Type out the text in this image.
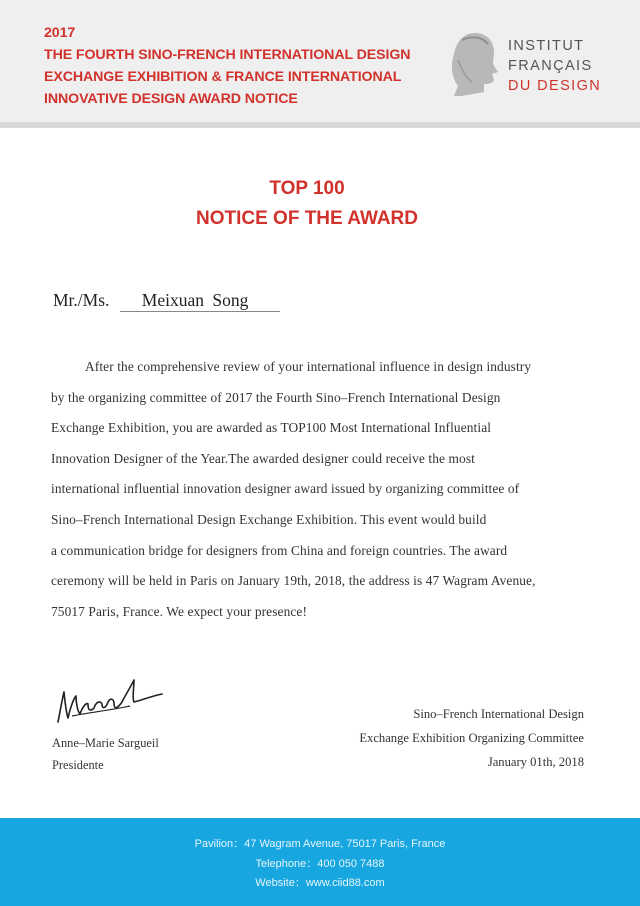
2017
THE FOURTH SINO-FRENCH INTERNATIONAL DESIGN
EXCHANGE EXHIBITION & FRANCE INTERNATIONAL
INNOVATIVE DESIGN AWARD NOTICE
INSTITUT
FRANÇAIS
DU DESIGN
TOP 100
NOTICE OF THE AWARD
Mr./Ms. Meixuan Song
After the comprehensive review of your international influence in design industry
by the organizing committee of 2017 the Fourth Sino–French International Design
Exchange Exhibition, you are awarded as TOP100 Most International Influential
Innovation Designer of the Year.The awarded designer could receive the most
international influential innovation designer award issued by organizing committee of
Sino–French International Design Exchange Exhibition. This event would build
a communication bridge for designers from China and foreign countries. The award
ceremony will be held in Paris on January 19th, 2018, the address is 47 Wagram Avenue,
75017 Paris, France. We expect your presence!
Anne–Marie Sargueil
Presidente
Sino–French International Design
Exchange Exhibition Organizing Committee
January 01th, 2018
Pavilion：47 Wagram Avenue, 75017 Paris, France
Telephone：400 050 7488
Website：www.ciid88.com
